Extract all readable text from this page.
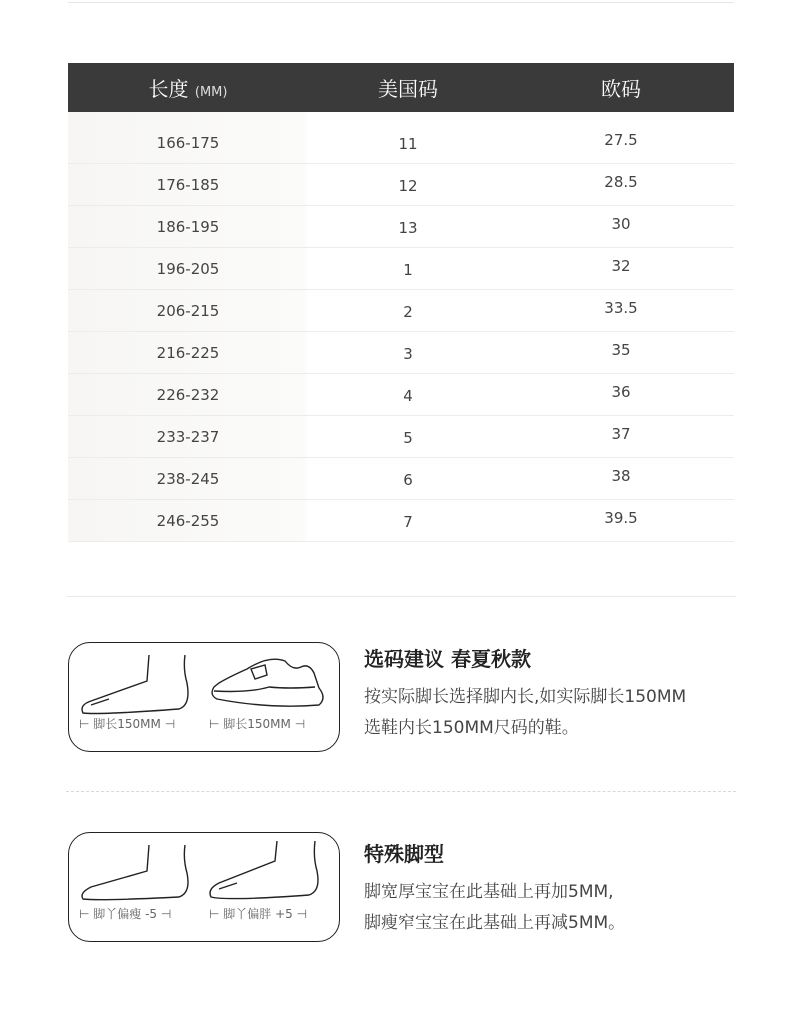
长度 (MM)	美国码	欧码
166-175	11	27.5
176-185	12	28.5
186-195	13	30
196-205	1	32
206-215	2	33.5
216-225	3	35
226-232	4	36
233-237	5	37
238-245	6	38
246-255	7	39.5
⊢ 脚长150MM ⊣	⊢ 脚长150MM ⊣
选码建议 春夏秋款

按实际脚长选择脚内长,如实际脚长150MM

选鞋内长150MM尺码的鞋。

⊢ 脚丫偏瘦 -5 ⊣	⊢ 脚丫偏胖 +5 ⊣
特殊脚型

脚宽厚宝宝在此基础上再加5MM,

脚瘦窄宝宝在此基础上再减5MM。
